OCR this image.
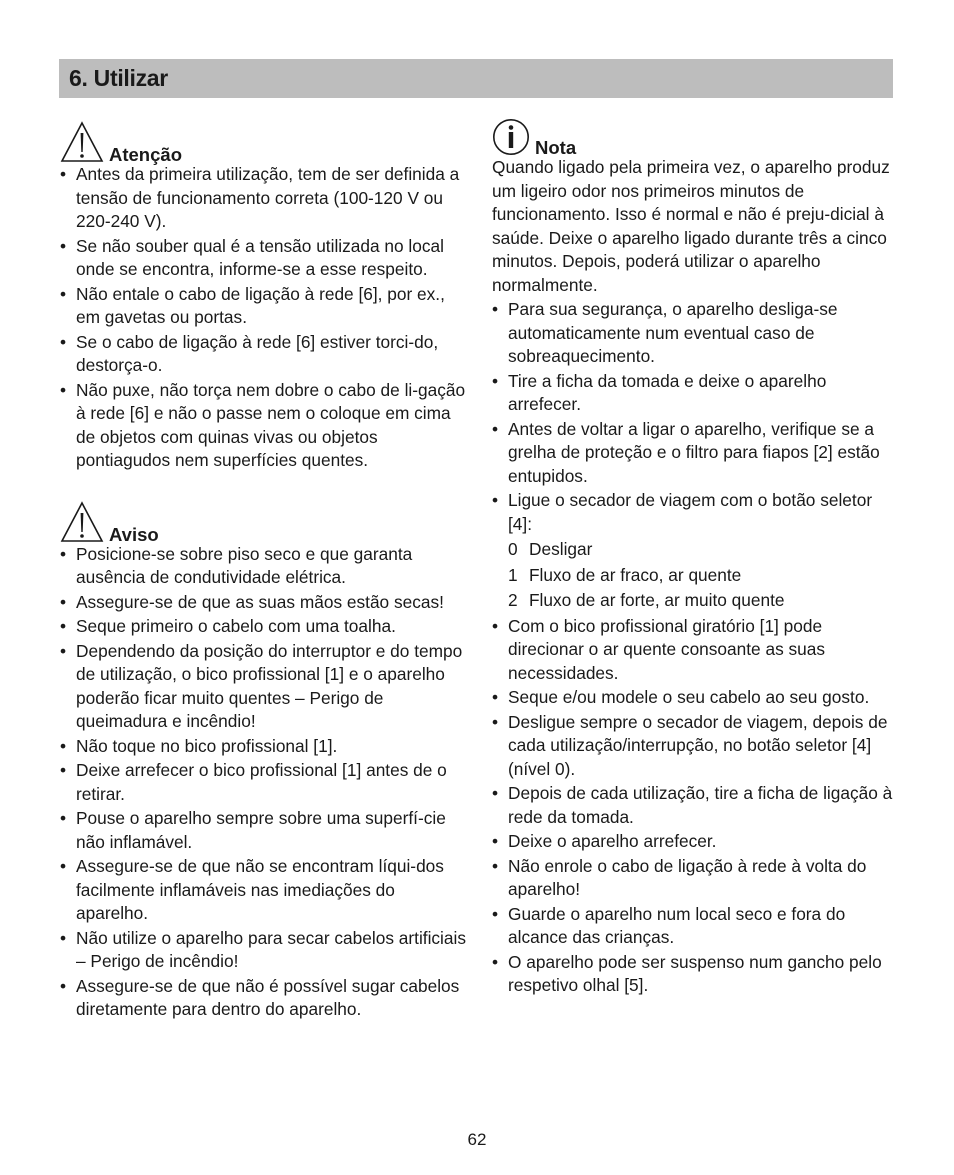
6. Utilizar
Atenção
• Antes da primeira utilização, tem de ser definida a tensão de funcionamento correta (100-120 V ou 220-240 V).
• Se não souber qual é a tensão utilizada no local onde se encontra, informe-se a esse respeito.
• Não entale o cabo de ligação à rede [6], por ex., em gavetas ou portas.
• Se o cabo de ligação à rede [6] estiver torci-do, destorça-o.
• Não puxe, não torça nem dobre o cabo de li-gação à rede [6] e não o passe nem o coloque em cima de objetos com quinas vivas ou objetos pontiagudos nem superfícies quentes.
Aviso
• Posicione-se sobre piso seco e que garanta ausência de condutividade elétrica.
• Assegure-se de que as suas mãos estão secas!
• Seque primeiro o cabelo com uma toalha.
• Dependendo da posição do interruptor e do tempo de utilização, o bico profissional [1] e o aparelho poderão ficar muito quentes – Perigo de queimadura e incêndio!
• Não toque no bico profissional [1].
• Deixe arrefecer o bico profissional [1] antes de o retirar.
• Pouse o aparelho sempre sobre uma superfí-cie não inflamável.
• Assegure-se de que não se encontram líqui-dos facilmente inflamáveis nas imediações do aparelho.
• Não utilize o aparelho para secar cabelos artificiais – Perigo de incêndio!
• Assegure-se de que não é possível sugar cabelos diretamente para dentro do aparelho.
Nota

Quando ligado pela primeira vez, o aparelho produz um ligeiro odor nos primeiros minutos de funcionamento. Isso é normal e não é preju-dicial à saúde. Deixe o aparelho ligado durante três a cinco minutos. Depois, poderá utilizar o aparelho normalmente.

• Para sua segurança, o aparelho desliga-se automaticamente num eventual caso de sobreaquecimento.
• Tire a ficha da tomada e deixe o aparelho arrefecer.
• Antes de voltar a ligar o aparelho, verifique se a grelha de proteção e o filtro para fiapos [2] estão entupidos.
• Ligue o secador de viagem com o botão seletor [4]:
0 Desligar
1 Fluxo de ar fraco, ar quente
2 Fluxo de ar forte, ar muito quente
• Com o bico profissional giratório [1] pode direcionar o ar quente consoante as suas necessidades.
• Seque e/ou modele o seu cabelo ao seu gosto.
• Desligue sempre o secador de viagem, depois de cada utilização/interrupção, no botão seletor [4] (nível 0).
• Depois de cada utilização, tire a ficha de ligação à rede da tomada.
• Deixe o aparelho arrefecer.
• Não enrole o cabo de ligação à rede à volta do aparelho!
• Guarde o aparelho num local seco e fora do alcance das crianças.
• O aparelho pode ser suspenso num gancho pelo respetivo olhal [5].
62
